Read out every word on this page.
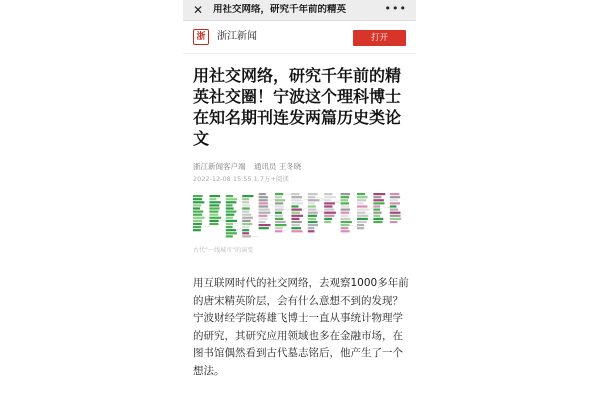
✕ 用社交网络，研究千年前的精英	•••
浙	浙江新闻	打开
用社交网络，研究千年前的精英社交圈！宁波这个理科博士在知名期刊连发两篇历史类论文
浙江新闻客户端 通讯员 王冬晓
2022-12-08 15:55 1.7万+阅读
古代“一线城市”的演变

用互联网时代的社交网络，去观察1000多年前的唐宋精英阶层，会有什么意想不到的发现？宁波财经学院蒋雄飞博士一直从事统计物理学的研究，其研究应用领域也多在金融市场，在图书馆偶然看到古代墓志铭后，他产生了一个想法。
